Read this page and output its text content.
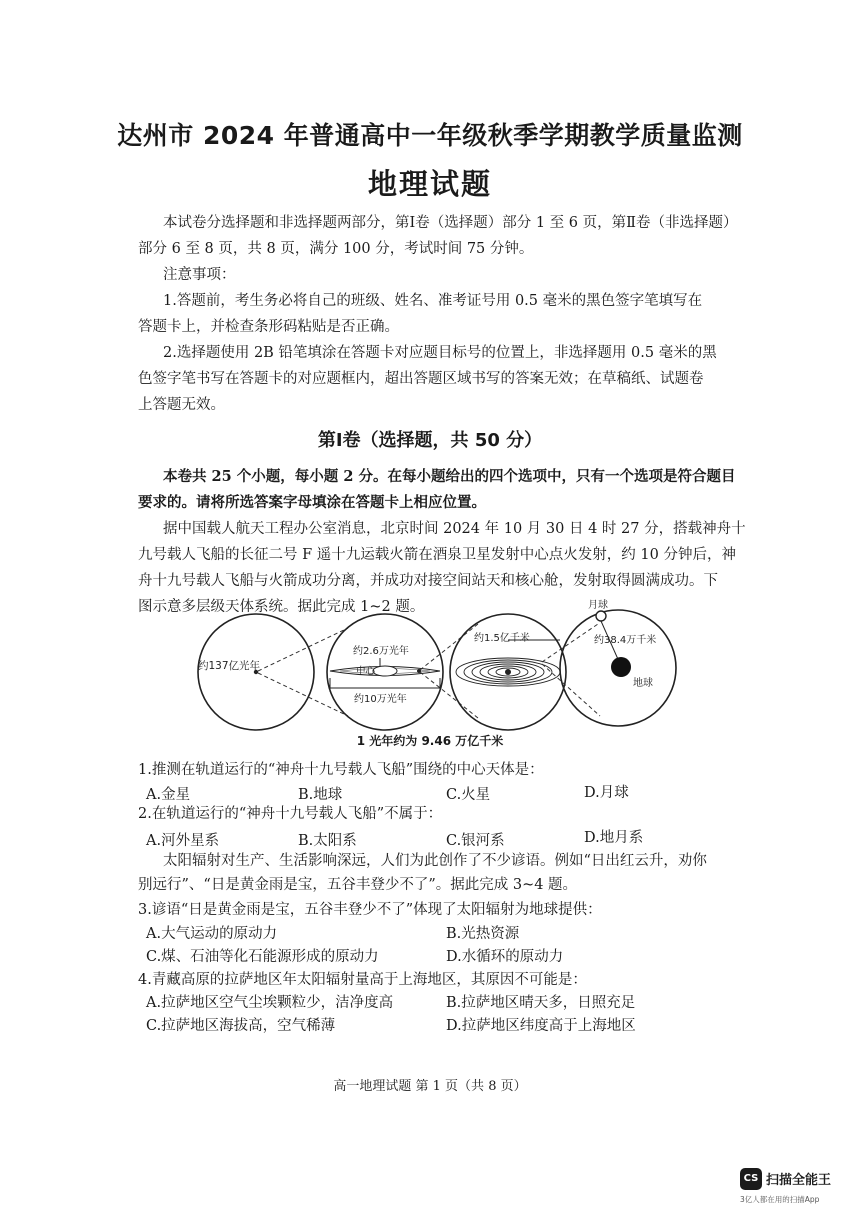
达州市 2024 年普通高中一年级秋季学期教学质量监测
地理试题
本试卷分选择题和非选择题两部分，第Ⅰ卷（选择题）部分 1 至 6 页，第Ⅱ卷（非选择题）
部分 6 至 8 页，共 8 页，满分 100 分，考试时间 75 分钟。
注意事项：
1.答题前，考生务必将自己的班级、姓名、准考证号用 0.5 毫米的黑色签字笔填写在
答题卡上，并检查条形码粘贴是否正确。
2.选择题使用 2B 铅笔填涂在答题卡对应题目标号的位置上，非选择题用 0.5 毫米的黑
色签字笔书写在答题卡的对应题框内，超出答题区域书写的答案无效；在草稿纸、试题卷
上答题无效。
第Ⅰ卷（选择题，共 50 分）
本卷共 25 个小题，每小题 2 分。在每小题给出的四个选项中，只有一个选项是符合题目
要求的。请将所选答案字母填涂在答题卡上相应位置。
据中国载人航天工程办公室消息，北京时间 2024 年 10 月 30 日 4 时 27 分，搭载神舟十
九号载人飞船的长征二号 F 遥十九运载火箭在酒泉卫星发射中心点火发射，约 10 分钟后，神
舟十九号载人飞船与火箭成功分离，并成功对接空间站天和核心舱，发射取得圆满成功。下
图示意多层级天体系统。据此完成 1~2 题。
约137亿光年
约2.6万光年
中心
约10万光年
约1.5亿千米
月球
约38.4万千米
地球
1 光年约为 9.46 万亿千米
1.推测在轨道运行的“神舟十九号载人飞船”围绕的中心天体是：
A.金星	B.地球	C.火星	D.月球
2.在轨道运行的“神舟十九号载人飞船”不属于：
A.河外星系	B.太阳系	C.银河系	D.地月系
太阳辐射对生产、生活影响深远，人们为此创作了不少谚语。例如“日出红云升，劝你
别远行”、“日是黄金雨是宝，五谷丰登少不了”。据此完成 3~4 题。
3.谚语“日是黄金雨是宝，五谷丰登少不了”体现了太阳辐射为地球提供：
A.大气运动的原动力	B.光热资源
C.煤、石油等化石能源形成的原动力	D.水循环的原动力
4.青藏高原的拉萨地区年太阳辐射量高于上海地区，其原因不可能是：
A.拉萨地区空气尘埃颗粒少，洁净度高	B.拉萨地区晴天多，日照充足
C.拉萨地区海拔高，空气稀薄	D.拉萨地区纬度高于上海地区
高一地理试题 第 1 页（共 8 页）
CS 扫描全能王
3亿人都在用的扫描App
